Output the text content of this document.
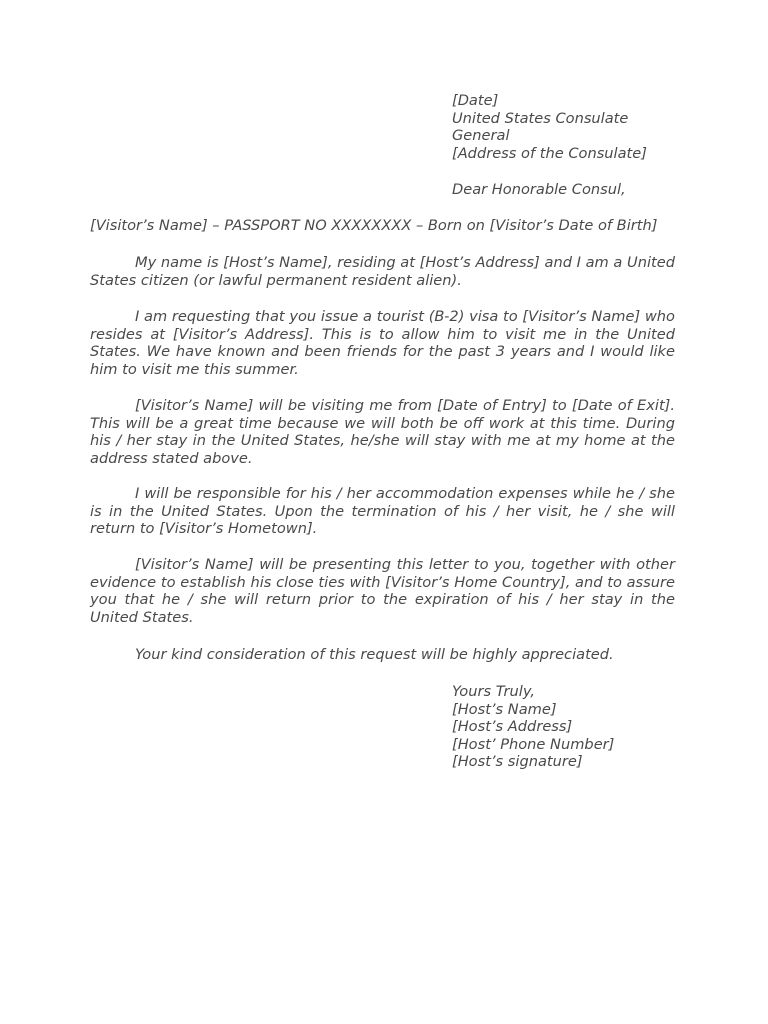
[Date]
United States Consulate
General
[Address of the Consulate]
Dear Honorable Consul,
[Visitor’s Name] – PASSPORT NO XXXXXXXX – Born on [Visitor’s Date of Birth]

My name is [Host’s Name], residing at [Host’s Address] and I am a United States citizen (or lawful permanent resident alien).

I am requesting that you issue a tourist (B-2) visa to [Visitor’s Name] who resides at [Visitor’s Address]. This is to allow him to visit me in the United States. We have known and been friends for the past 3 years and I would like him to visit me this summer.

[Visitor’s Name] will be visiting me from [Date of Entry] to [Date of Exit]. This will be a great time because we will both be off work at this time. During his / her stay in the United States, he/she will stay with me at my home at the address stated above.

I will be responsible for his / her accommodation expenses while he / she is in the United States. Upon the termination of his / her visit, he / she will return to [Visitor’s Hometown].

[Visitor’s Name] will be presenting this letter to you, together with other evidence to establish his close ties with [Visitor’s Home Country], and to assure you that he / she will return prior to the expiration of his / her stay in the United States.

Your kind consideration of this request will be highly appreciated.

Yours Truly,
[Host’s Name]
[Host’s Address]
[Host’ Phone Number]
[Host’s signature]
